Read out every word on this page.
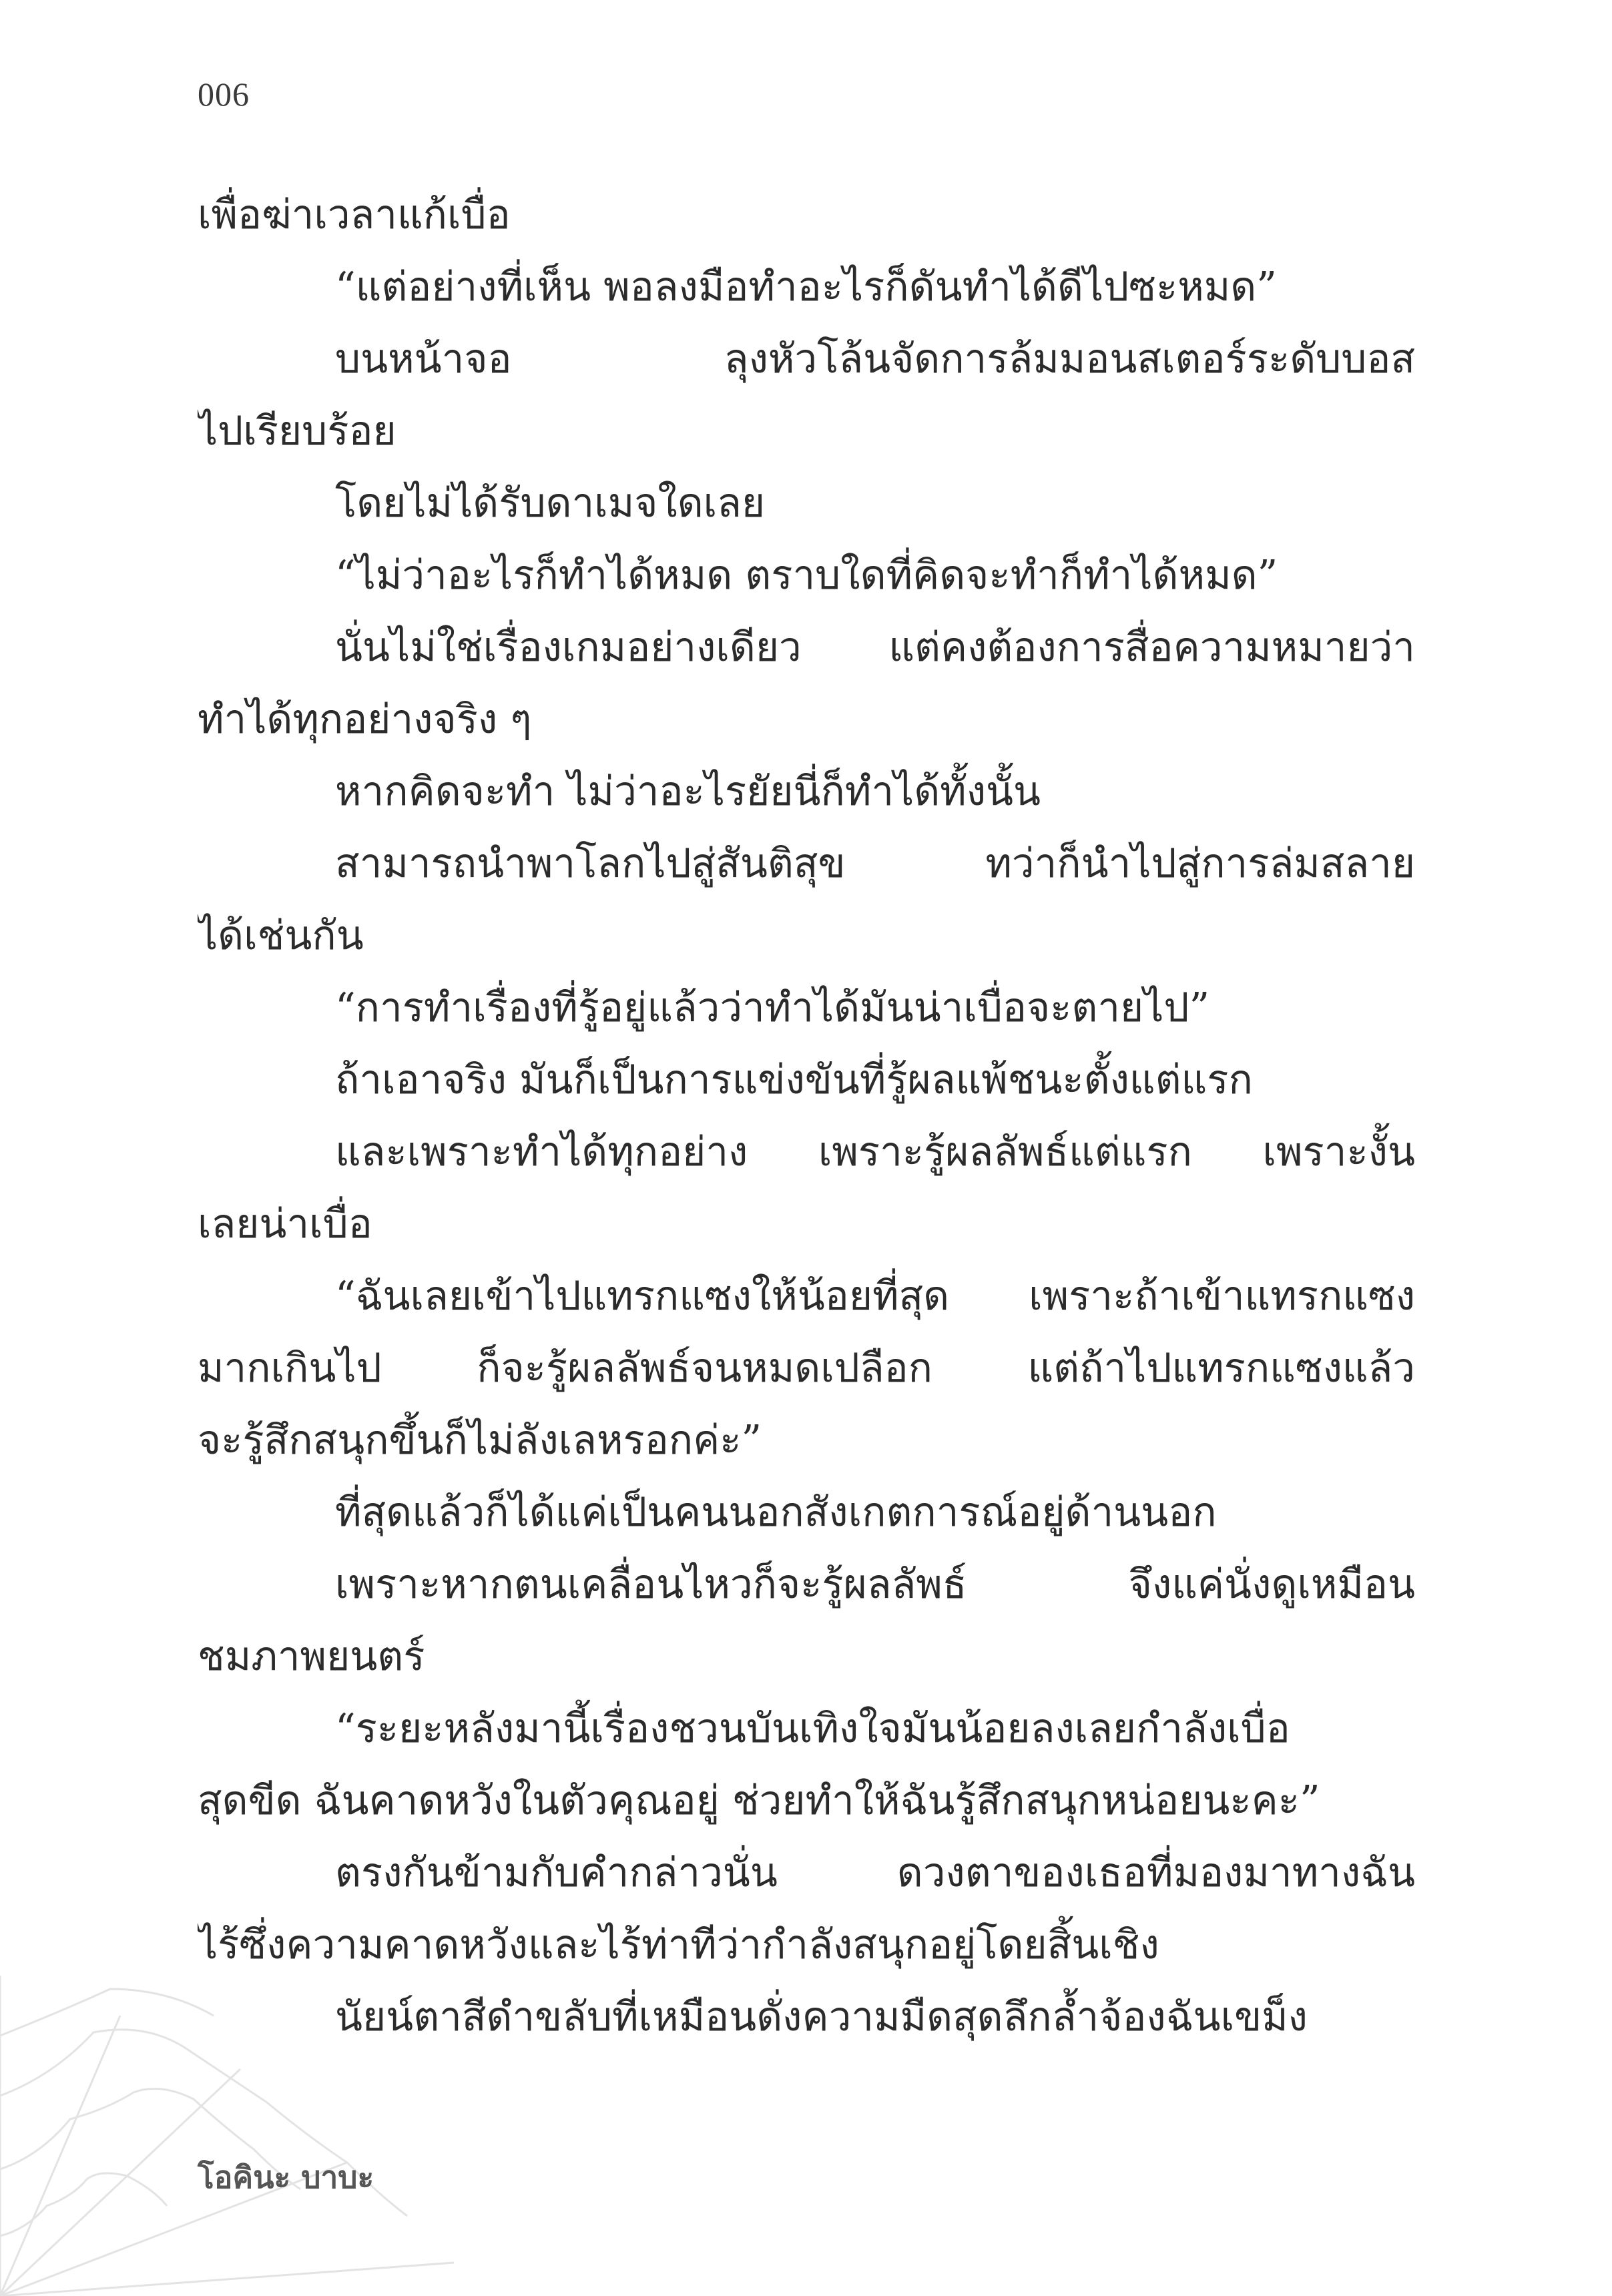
006
เพื่อฆ่าเวลาแก้เบื่อ
“แต่อย่างที่เห็น พอลงมือทำอะไรก็ดันทำได้ดีไปซะหมด”
บนหน้าจอ ลุงหัวโล้นจัดการล้มมอนสเตอร์ระดับบอส
ไปเรียบร้อย
โดยไม่ได้รับดาเมจใดเลย
“ไม่ว่าอะไรก็ทำได้หมด ตราบใดที่คิดจะทำก็ทำได้หมด”
นั่นไม่ใช่เรื่องเกมอย่างเดียว แต่คงต้องการสื่อความหมายว่า
ทำได้ทุกอย่างจริง ๆ
หากคิดจะทำ ไม่ว่าอะไรยัยนี่ก็ทำได้ทั้งนั้น
สามารถนำพาโลกไปสู่สันติสุข ทว่าก็นำไปสู่การล่มสลาย
ได้เช่นกัน
“การทำเรื่องที่รู้อยู่แล้วว่าทำได้มันน่าเบื่อจะตายไป”
ถ้าเอาจริง มันก็เป็นการแข่งขันที่รู้ผลแพ้ชนะตั้งแต่แรก
และเพราะทำได้ทุกอย่าง เพราะรู้ผลลัพธ์แต่แรก เพราะงั้น
เลยน่าเบื่อ
“ฉันเลยเข้าไปแทรกแซงให้น้อยที่สุด เพราะถ้าเข้าแทรกแซง
มากเกินไป ก็จะรู้ผลลัพธ์จนหมดเปลือก แต่ถ้าไปแทรกแซงแล้ว
จะรู้สึกสนุกขึ้นก็ไม่ลังเลหรอกค่ะ”
ที่สุดแล้วก็ได้แค่เป็นคนนอกสังเกตการณ์อยู่ด้านนอก
เพราะหากตนเคลื่อนไหวก็จะรู้ผลลัพธ์ จึงแค่นั่งดูเหมือน
ชมภาพยนตร์
“ระยะหลังมานี้เรื่องชวนบันเทิงใจมันน้อยลงเลยกำลังเบื่อ
สุดขีด ฉันคาดหวังในตัวคุณอยู่ ช่วยทำให้ฉันรู้สึกสนุกหน่อยนะคะ”
ตรงกันข้ามกับคำกล่าวนั่น ดวงตาของเธอที่มองมาทางฉัน
ไร้ซึ่งความคาดหวังและไร้ท่าทีว่ากำลังสนุกอยู่โดยสิ้นเชิง
นัยน์ตาสีดำขลับที่เหมือนดั่งความมืดสุดลึกล้ำจ้องฉันเขม็ง
โอคินะ บาบะ
